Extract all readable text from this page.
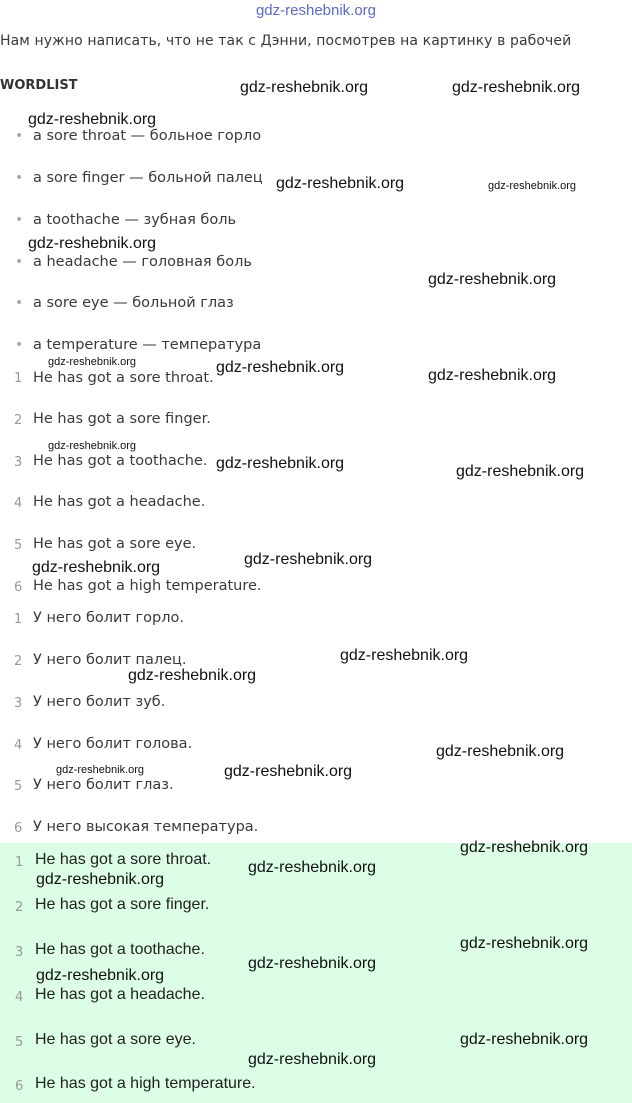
gdz-reshebnik.org
Нам нужно написать, что не так с Дэнни, посмотрев на картинку в рабочей
WORDLIST
• a sore throat — больное горло
• a sore finger — больной палец
• a toothache — зубная боль
• a headache — головная боль
• a sore eye — больной глаз
• a temperature — температура
1 He has got a sore throat.
2 He has got a sore finger.
3 He has got a toothache.
4 He has got a headache.
5 He has got a sore eye.
6 He has got a high temperature.
1 У него болит горло.
2 У него болит палец.
3 У него болит зуб.
4 У него болит голова.
5 У него болит глаз.
6 У него высокая температура.
1 He has got a sore throat.
2 He has got a sore finger.
3 He has got a toothache.
4 He has got a headache.
5 He has got a sore eye.
6 He has got a high temperature.
gdz-reshebnik.org	gdz-reshebnik.org
gdz-reshebnik.org
gdz-reshebnik.org	gdz-reshebnik.org
gdz-reshebnik.org
gdz-reshebnik.org
gdz-reshebnik.org	gdz-reshebnik.org	gdz-reshebnik.org
gdz-reshebnik.org
gdz-reshebnik.org	gdz-reshebnik.org
gdz-reshebnik.org
gdz-reshebnik.org
gdz-reshebnik.org
gdz-reshebnik.org
gdz-reshebnik.org
gdz-reshebnik.org	gdz-reshebnik.org
gdz-reshebnik.org
gdz-reshebnik.org
gdz-reshebnik.org
gdz-reshebnik.org
gdz-reshebnik.org
gdz-reshebnik.org
gdz-reshebnik.org
gdz-reshebnik.org
